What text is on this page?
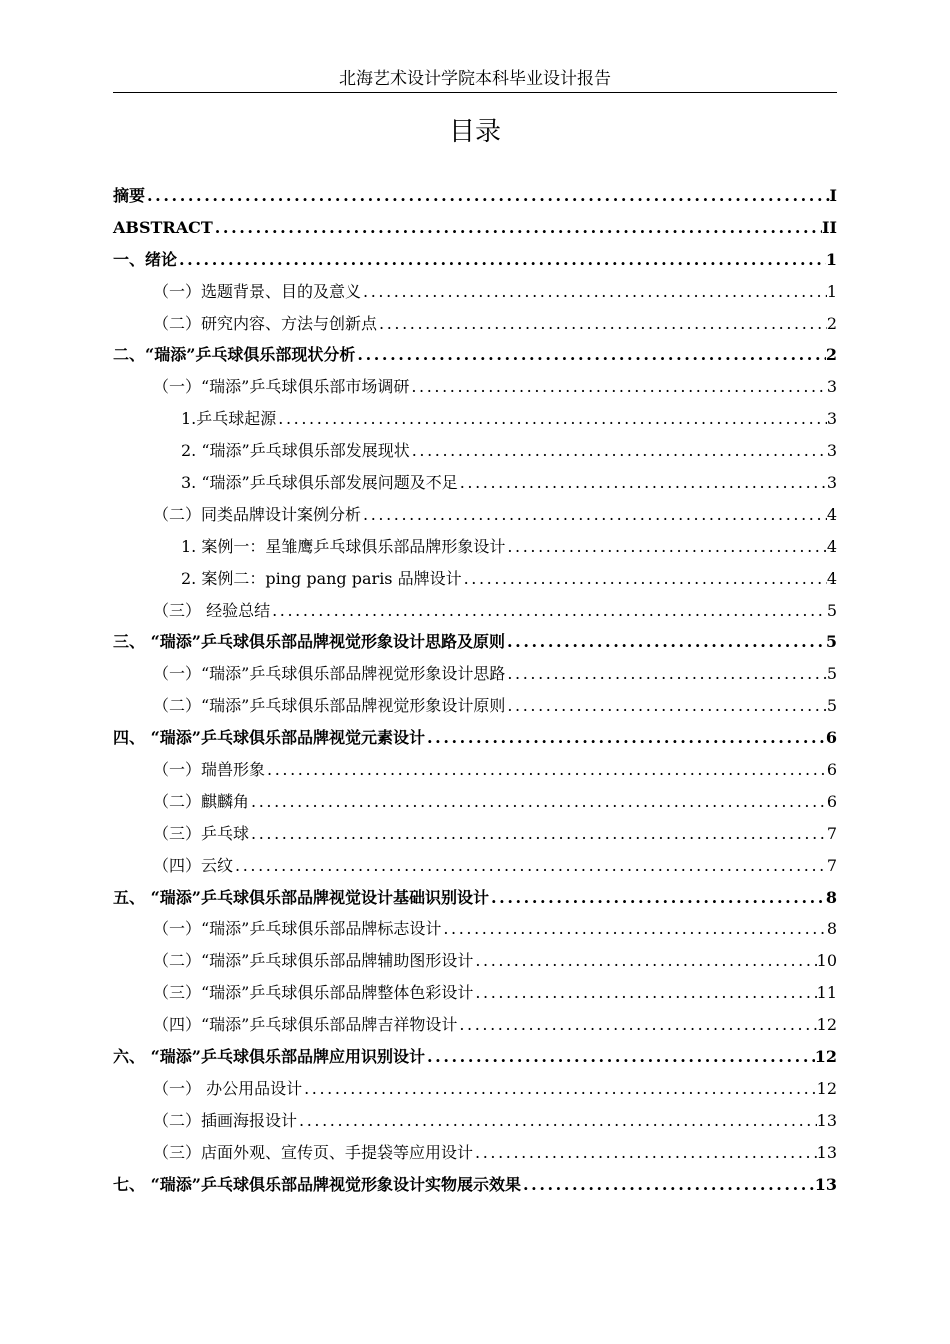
北海艺术设计学院本科毕业设计报告
目录
摘要 .....	I
ABSTRACT .....	II
一、绪论 .....	1
（一）选题背景、目的及意义 .....	1
（二）研究内容、方法与创新点 .....	2
二、“瑞添”乒乓球俱乐部现状分析 .....	2
（一）“瑞添”乒乓球俱乐部市场调研 .....	3
1.乒乓球起源 .....	3
2. “瑞添”乒乓球俱乐部发展现状 .....	3
3. “瑞添”乒乓球俱乐部发展问题及不足 .....	3
（二）同类品牌设计案例分析 .....	4
1. 案例一：星雏鹰乒乓球俱乐部品牌形象设计 .....	4
2. 案例二：ping pang paris 品牌设计 .....	4
（三） 经验总结 .....	5
三、 “瑞添”乒乓球俱乐部品牌视觉形象设计思路及原则 .....	5
（一）“瑞添”乒乓球俱乐部品牌视觉形象设计思路 .....	5
（二）“瑞添”乒乓球俱乐部品牌视觉形象设计原则 .....	5
四、 “瑞添”乒乓球俱乐部品牌视觉元素设计 .....	6
（一）瑞兽形象 .....	6
（二）麒麟角 .....	6
（三）乒乓球 .....	7
（四）云纹 .....	7
五、 “瑞添”乒乓球俱乐部品牌视觉设计基础识别设计 .....	8
（一）“瑞添”乒乓球俱乐部品牌标志设计 .....	8
（二）“瑞添”乒乓球俱乐部品牌辅助图形设计 .....	10
（三）“瑞添”乒乓球俱乐部品牌整体色彩设计 .....	11
（四）“瑞添”乒乓球俱乐部品牌吉祥物设计 .....	12
六、 “瑞添”乒乓球俱乐部品牌应用识别设计 .....	12
（一） 办公用品设计 .....	12
（二）插画海报设计 .....	13
（三）店面外观、宣传页、手提袋等应用设计 .....	13
七、 “瑞添”乒乓球俱乐部品牌视觉形象设计实物展示效果 .....	13
